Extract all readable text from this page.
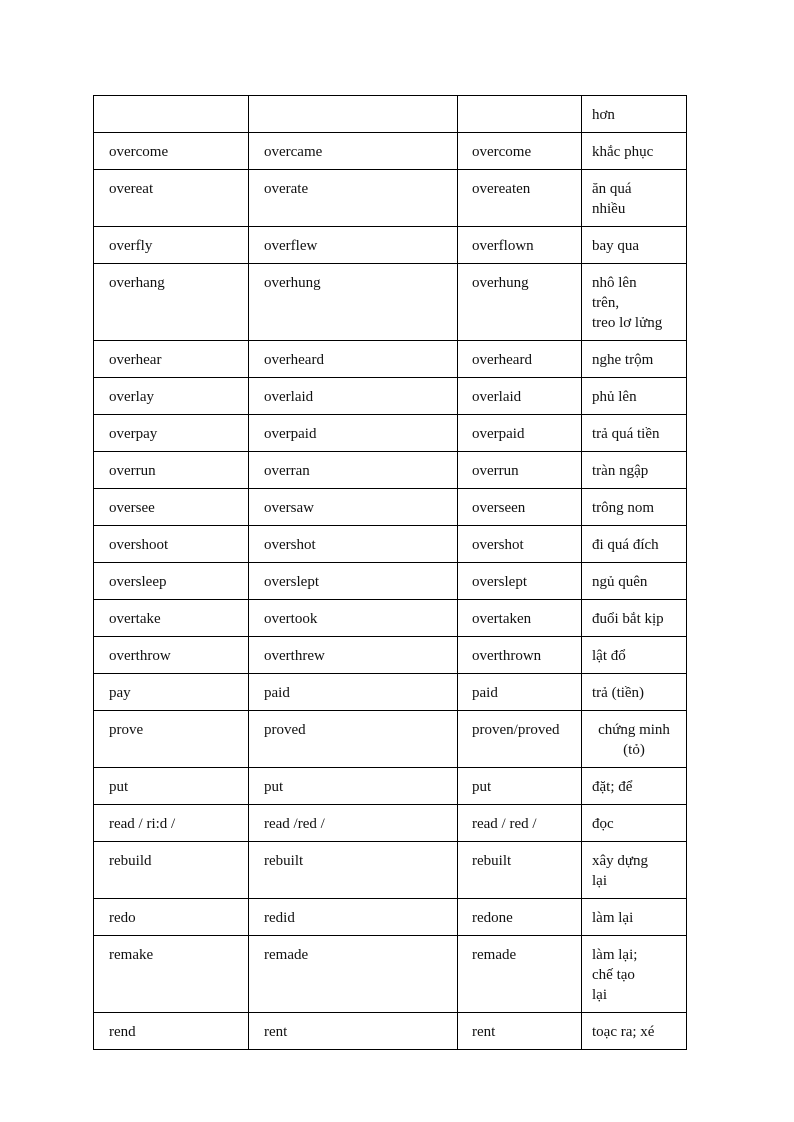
			hơn
overcome	overcame	overcome	khắc phục
overeat	overate	overeaten	ăn quá
nhiều
overfly	overflew	overflown	bay qua
overhang	overhung	overhung	nhô lên
trên,
treo lơ lửng
overhear	overheard	overheard	nghe trộm
overlay	overlaid	overlaid	phủ lên
overpay	overpaid	overpaid	trả quá tiền
overrun	overran	overrun	tràn ngập
oversee	oversaw	overseen	trông nom
overshoot	overshot	overshot	đi quá đích
oversleep	overslept	overslept	ngủ quên
overtake	overtook	overtaken	đuổi bắt kịp
overthrow	overthrew	overthrown	lật đổ
pay	paid	paid	trả (tiền)
prove	proved	proven/proved	chứng minh
(tỏ)
put	put	put	đặt; để
read / ri:d /	read /red /	read / red /	đọc
rebuild	rebuilt	rebuilt	xây dựng
lại
redo	redid	redone	làm lại
remake	remade	remade	làm lại;
chế tạo
lại
rend	rent	rent	toạc ra; xé
